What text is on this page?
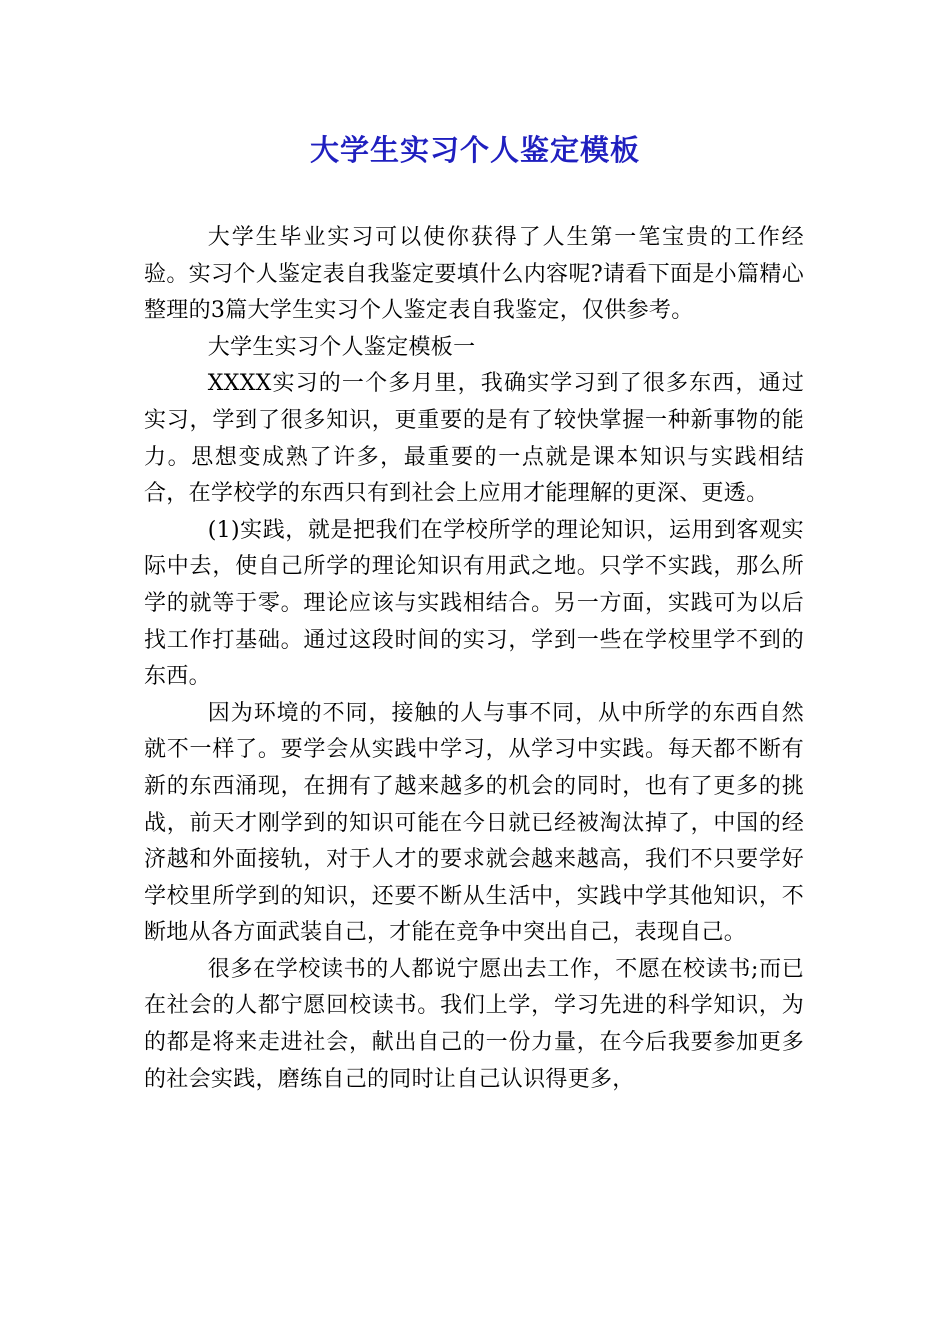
大学生实习个人鉴定模板

大学生毕业实习可以使你获得了人生第一笔宝贵的工作经验。实习个人鉴定表自我鉴定要填什么内容呢?请看下面是小篇精心整理的3篇大学生实习个人鉴定表自我鉴定，仅供参考。

大学生实习个人鉴定模板一

XXXX实习的一个多月里，我确实学习到了很多东西，通过实习，学到了很多知识，更重要的是有了较快掌握一种新事物的能力。思想变成熟了许多，最重要的一点就是课本知识与实践相结合，在学校学的东西只有到社会上应用才能理解的更深、更透。

(1)实践，就是把我们在学校所学的理论知识，运用到客观实际中去，使自己所学的理论知识有用武之地。只学不实践，那么所学的就等于零。理论应该与实践相结合。另一方面，实践可为以后找工作打基础。通过这段时间的实习，学到一些在学校里学不到的东西。

因为环境的不同，接触的人与事不同，从中所学的东西自然就不一样了。要学会从实践中学习，从学习中实践。每天都不断有新的东西涌现，在拥有了越来越多的机会的同时，也有了更多的挑战，前天才刚学到的知识可能在今日就已经被淘汰掉了，中国的经济越和外面接轨，对于人才的要求就会越来越高，我们不只要学好学校里所学到的知识，还要不断从生活中，实践中学其他知识，不断地从各方面武装自己，才能在竞争中突出自己，表现自己。

很多在学校读书的人都说宁愿出去工作，不愿在校读书;而已在社会的人都宁愿回校读书。我们上学，学习先进的科学知识，为的都是将来走进社会，献出自己的一份力量，在今后我要参加更多的社会实践，磨练自己的同时让自己认识得更多，
